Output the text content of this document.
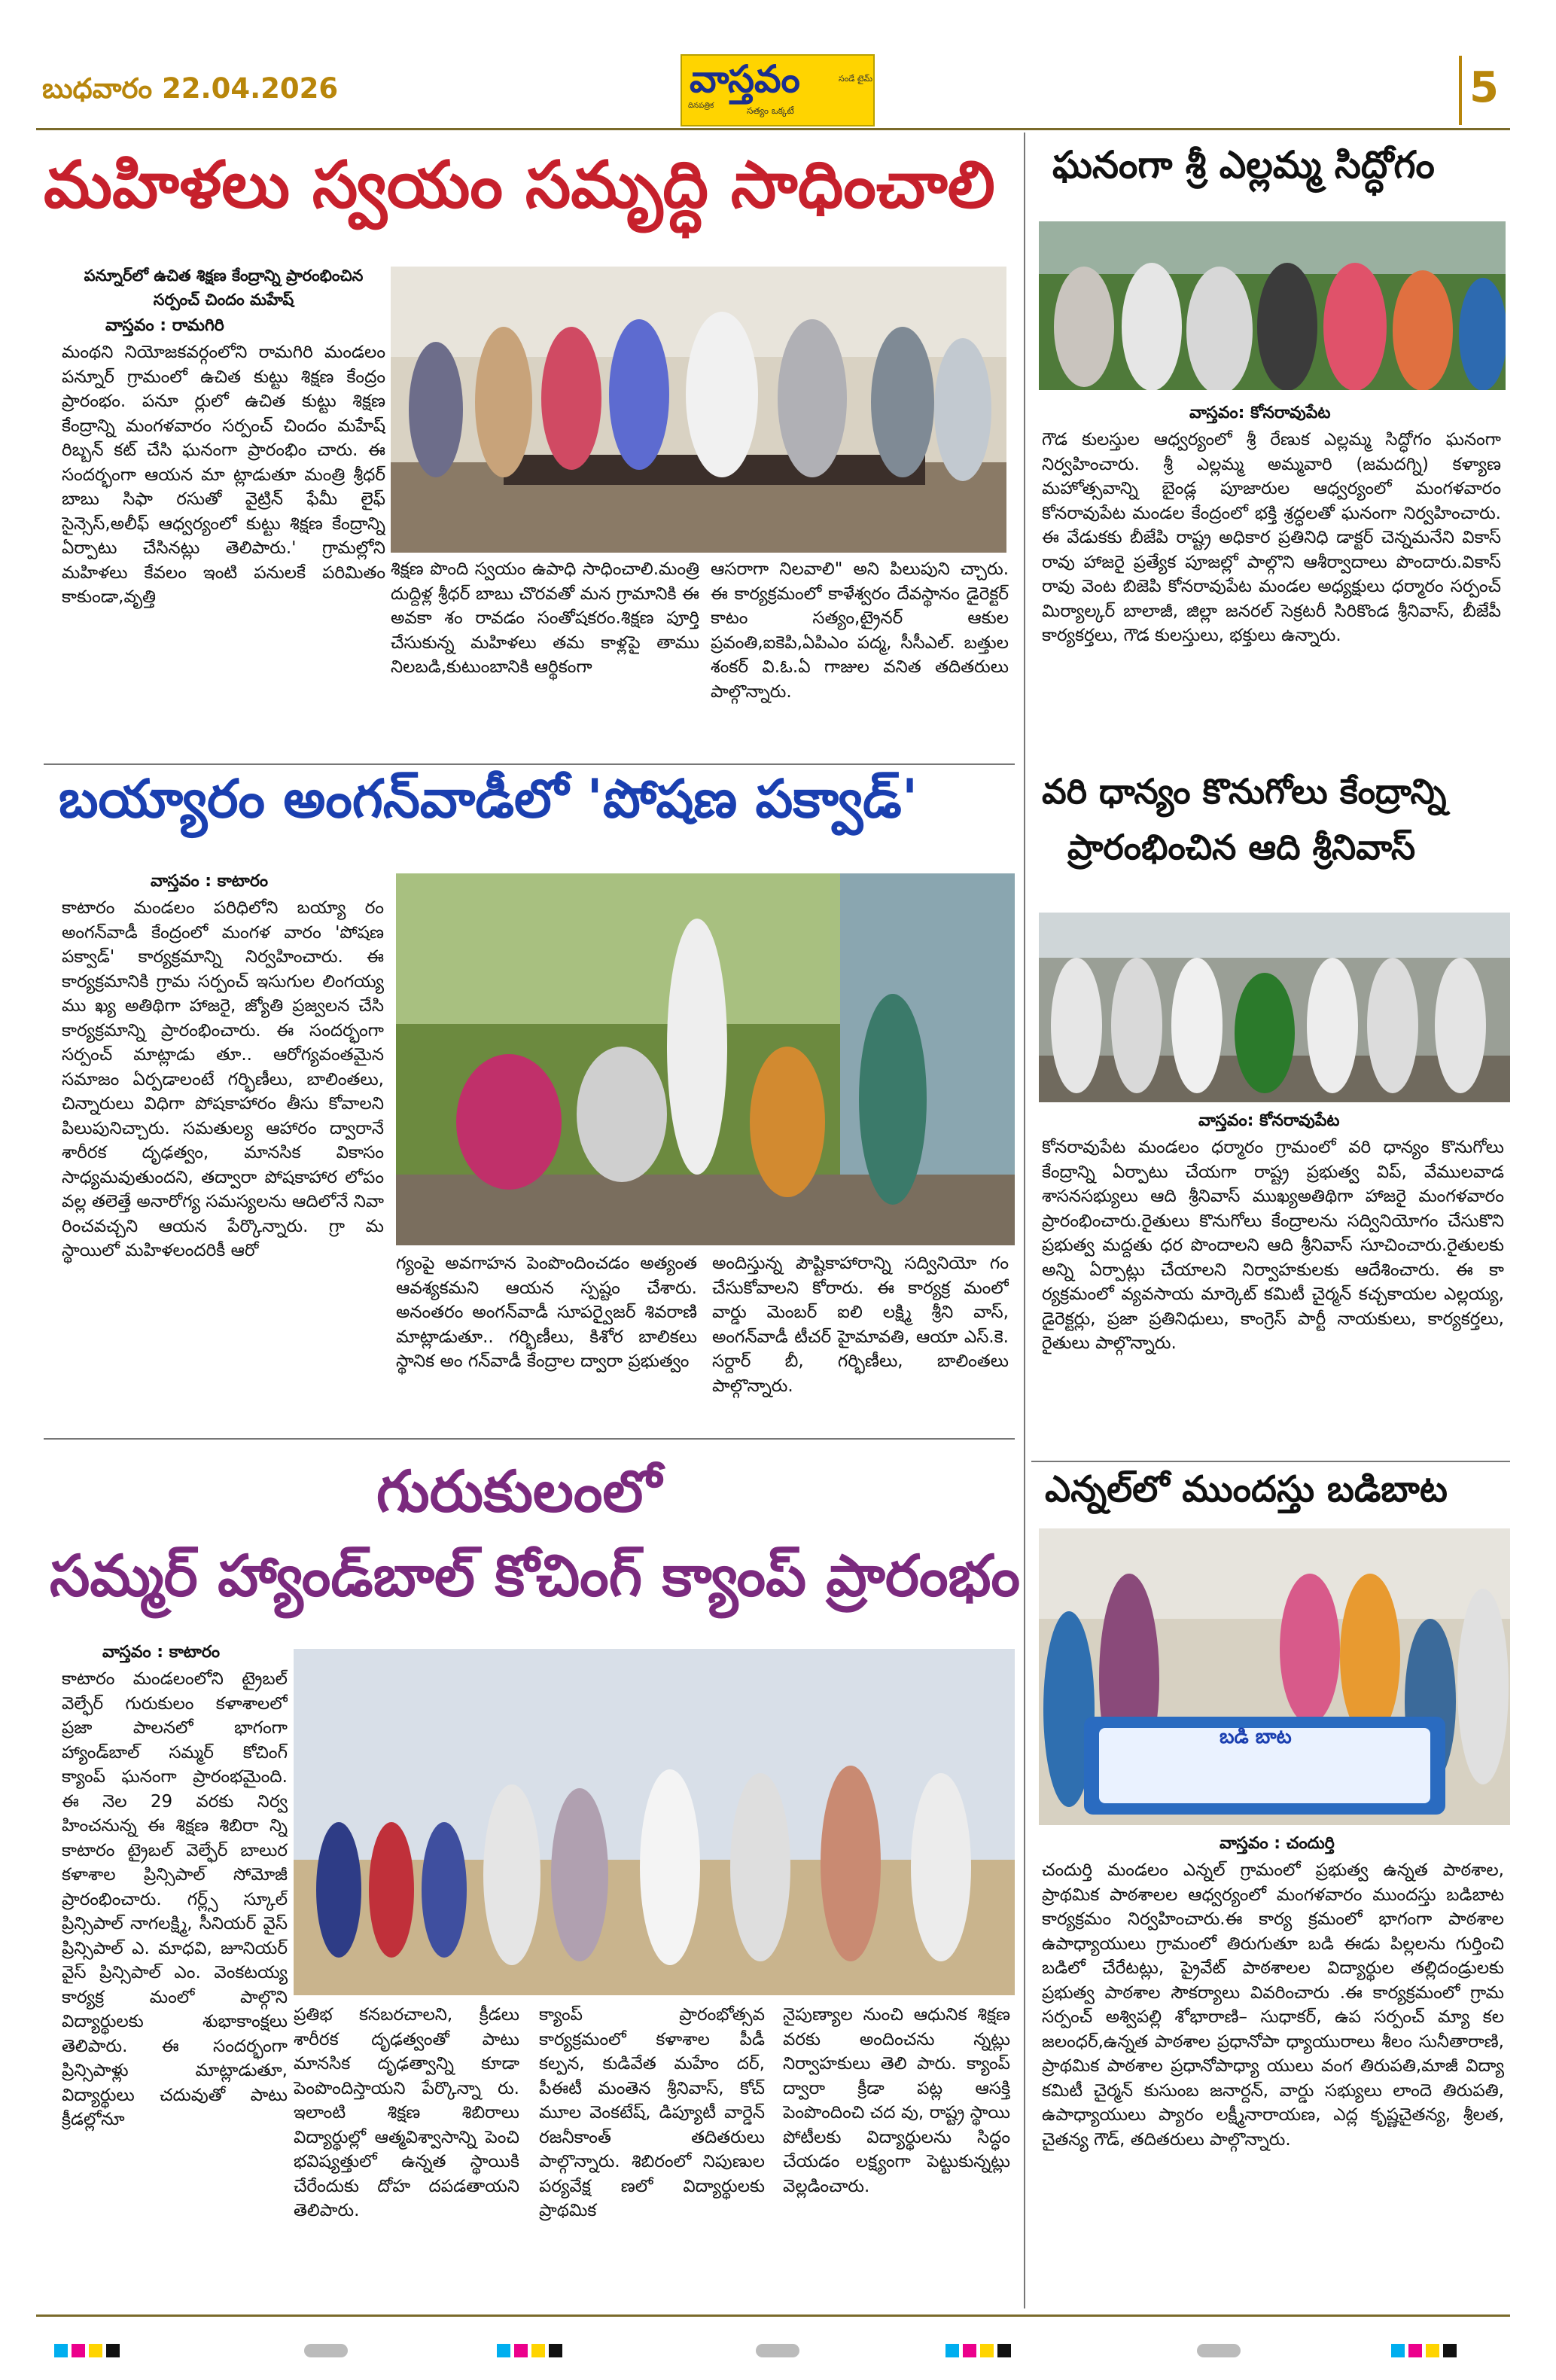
బుధవారం 22.04.2026	వాస్తవం	సండే టైమ్
దినపత్రిక	సత్యం ఒక్కటే	5
మహిళలు స్వయం సమృద్ధి సాధించాలి
పన్నూర్‌లో ఉచిత శిక్షణ కేంద్రాన్ని ప్రారంభించిన సర్పంచ్ చిందం మహేష్
వాస్తవం : రామగిరి
మంథని నియోజకవర్గంలోని రామగిరి మండలం పన్నూర్ గ్రామంలో ఉచిత కుట్టు శిక్షణ కేంద్రం ప్రారంభం. పనూ ర్లులో ఉచిత కుట్టు శిక్షణ కేంద్రాన్ని మంగళవారం సర్పంచ్ చిందం మహేష్ రిబ్బన్ కట్ చేసి ఘనంగా ప్రారంభిం చారు. ఈ సందర్భంగా ఆయన మా ట్లాడుతూ మంత్రి శ్రీధర్ బాబు సిఫా రసుతో వైట్రిన్ ఫేమీ లైఫ్ సైన్సెస్,అలీఫ్ ఆధ్వర్యంలో కుట్టు శిక్షణ కేంద్రాన్ని ఏర్పాటు చేసినట్లు తెలిపారు.' గ్రామల్లోని మహిళలు కేవలం ఇంటి పనులకే పరిమితం కాకుండా,వృత్తి
శిక్షణ పొంది స్వయం ఉపాధి సాధించాలి.మంత్రి దుద్దిళ్ల శ్రీధర్ బాబు చొరవతో మన గ్రామానికి ఈ అవకా శం రావడం సంతోషకరం.శిక్షణ పూర్తి చేసుకున్న మహిళలు తమ కాళ్లపై తాము నిలబడి,కుటుంబానికి ఆర్థికంగా
ఆసరాగా నిలవాలి" అని పిలుపుని చ్చారు. ఈ కార్యక్రమంలో కాళేశ్వరం దేవస్థానం డైరెక్టర్ కాటం సత్యం,ట్రైనర్ ఆకుల ప్రవంతి,ఐకెపి,ఏపిఎం పద్మ, సీసీఎల్. బత్తుల శంకర్ వి.ఓ.ఏ గాజుల వనిత తదితరులు పాల్గొన్నారు.
ఘనంగా శ్రీ ఎల్లమ్మ సిద్ధోగం
వాస్తవం: కోనరావుపేట
గౌడ కులస్తుల ఆధ్వర్యంలో శ్రీ రేణుక ఎల్లమ్మ సిద్ధోగం ఘనంగా నిర్వహించారు. శ్రీ ఎల్లమ్మ అమ్మవారి (జమదగ్ని) కళ్యాణ మహోత్సవాన్ని బైండ్ల పూజారుల ఆధ్వర్యంలో మంగళవారం కోనరావుపేట మండల కేంద్రంలో భక్తి శ్రద్ధలతో ఘనంగా నిర్వహించారు. ఈ వేడుకకు బీజేపి రాష్ట్ర అధికార ప్రతినిధి డాక్టర్ చెన్నమనేని వికాస్ రావు హాజరై ప్రత్యేక పూజల్లో పాల్గొని ఆశీర్వాదాలు పొందారు.వికాస్ రావు వెంట బిజెపి కోనరావుపేట మండల అధ్యక్షులు ధర్మారం సర్పంచ్ మిర్యాల్కర్ బాలాజీ, జిల్లా జనరల్ సెక్రటరీ సిరికొండ శ్రీనివాస్, బీజేపీ కార్యకర్తలు, గౌడ కులస్తులు, భక్తులు ఉన్నారు.
బయ్యారం అంగన్‌వాడీలో 'పోషణ పక్వాడ్'
వాస్తవం : కాటారం
కాటారం మండలం పరిధిలోని బయ్యా రం అంగన్‌వాడీ కేంద్రంలో మంగళ వారం 'పోషణ పక్వాడ్' కార్యక్రమాన్ని నిర్వహించారు. ఈ కార్యక్రమానికి గ్రామ సర్పంచ్ ఇసుగుల లింగయ్య ము ఖ్య అతిథిగా హాజరై, జ్యోతి ప్రజ్వలన చేసి కార్యక్రమాన్ని ప్రారంభించారు. ఈ సందర్భంగా సర్పంచ్ మాట్లాడు తూ.. ఆరోగ్యవంతమైన సమాజం ఏర్పడాలంటే గర్భిణీలు, బాలింతలు, చిన్నారులు విధిగా పోషకాహారం తీసు కోవాలని పిలుపునిచ్చారు. సమతుల్య ఆహారం ద్వారానే శారీరక దృఢత్వం, మానసిక వికాసం సాధ్యమవుతుందని, తద్వారా పోషకాహార లోపం వల్ల తలెత్తే అనారోగ్య సమస్యలను ఆదిలోనే నివా రించవచ్చని ఆయన పేర్కొన్నారు. గ్రా మ స్థాయిలో మహిళలందరికీ ఆరో
గ్యంపై అవగాహన పెంపొందించడం అత్యంత ఆవశ్యకమని ఆయన స్పష్టం చేశారు. అనంతరం అంగన్‌వాడీ సూపర్వైజర్ శివరాణి మాట్లాడుతూ.. గర్భిణీలు, కిశోర బాలికలు స్థానిక అం గన్‌వాడీ కేంద్రాల ద్వారా ప్రభుత్వం
అందిస్తున్న పౌష్టికాహారాన్ని సద్వినియో గం చేసుకోవాలని కోరారు. ఈ కార్యక్ర మంలో వార్డు మెంబర్ ఐలి లక్ష్మి శ్రీని వాస్, అంగన్‌వాడీ టీచర్ హైమావతి, ఆయా ఎస్.కె. సర్దార్ బీ, గర్భిణీలు, బాలింతలు పాల్గొన్నారు.
వరి ధాన్యం కొనుగోలు కేంద్రాన్ని
ప్రారంభించిన ఆది శ్రీనివాస్
వాస్తవం: కోనరావుపేట
కోనరావుపేట మండలం ధర్మారం గ్రామంలో వరి ధాన్యం కొనుగోలు కేంద్రాన్ని ఏర్పాటు చేయగా రాష్ట్ర ప్రభుత్వ విప్, వేములవాడ శాసనసభ్యులు ఆది శ్రీనివాస్ ముఖ్యఅతిథిగా హాజరై మంగళవారం ప్రారంభించారు.రైతులు కొనుగోలు కేంద్రాలను సద్వినియోగం చేసుకొని ప్రభుత్వ మద్దతు ధర పొందాలని ఆది శ్రీనివాస్ సూచించారు.రైతులకు అన్ని ఏర్పాట్లు చేయాలని నిర్వాహకులకు ఆదేశించారు. ఈ కా ర్యక్రమంలో వ్యవసాయ మార్కెట్ కమిటీ చైర్మన్ కచ్చకాయల ఎల్లయ్య, డైరెక్టర్లు, ప్రజా ప్రతినిధులు, కాంగ్రెస్ పార్టీ నాయకులు, కార్యకర్తలు, రైతులు పాల్గొన్నారు.
గురుకులంలో
సమ్మర్ హ్యాండ్‌బాల్ కోచింగ్ క్యాంప్ ప్రారంభం
వాస్తవం : కాటారం
కాటారం మండలంలోని ట్రైబల్ వెల్ఫేర్ గురుకులం కళాశాలలో ప్రజా పాలనలో భాగంగా హ్యాండ్‌బాల్ సమ్మర్ కోచింగ్ క్యాంప్ ఘనంగా ప్రారంభమైంది. ఈ నెల 29 వరకు నిర్వ హించనున్న ఈ శిక్షణ శిబిరా న్ని కాటారం ట్రైబల్ వెల్ఫేర్ బాలుర కళాశాల ప్రిన్సిపాల్ సోమోజీ ప్రారంభించారు. గర్ల్స్ స్కూల్ ప్రిన్సిపాల్ నాగలక్ష్మి, సీనియర్ వైస్ ప్రిన్సిపాల్ ఎ. మాధవి, జూనియర్ వైస్ ప్రిన్సిపాల్ ఎం. వెంకటయ్య కార్యక్ర మంలో పాల్గొని విద్యార్థులకు శుభాకాంక్షలు తెలిపారు. ఈ సందర్భంగా ప్రిన్సిపాళ్లు మాట్లాడుతూ, విద్యార్థులు చదువుతో పాటు క్రీడల్లోనూ
ప్రతిభ కనబరచాలని, క్రీడలు శారీరక దృఢత్వంతో పాటు మానసిక దృఢత్వాన్ని కూడా పెంపొందిస్తాయని పేర్కొన్నా రు. ఇలాంటి శిక్షణ శిబిరాలు విద్యార్థుల్లో ఆత్మవిశ్వాసాన్ని పెంచి భవిష్యత్తులో ఉన్నత స్థాయికి చేరేందుకు దోహ దపడతాయని తెలిపారు.
క్యాంప్ ప్రారంభోత్సవ కార్యక్రమంలో కళాశాల పీడీ కల్పన, కుడివేత మహేం దర్, పీఈటీ మంతెన శ్రీనివాస్, కోచ్ మూల వెంకటేష్, డిప్యూటీ వార్డెన్ రజనీకాంత్ తదితరులు పాల్గొన్నారు. శిబిరంలో నిపుణుల పర్యవేక్ష ణలో విద్యార్థులకు ప్రాథమిక
నైపుణ్యాల నుంచి ఆధునిక శిక్షణ వరకు అందించను న్నట్లు నిర్వాహకులు తెలి పారు. క్యాంప్ ద్వారా క్రీడా పట్ల ఆసక్తి పెంపొందించి చద వు, రాష్ట్ర స్థాయి పోటీలకు విద్యార్థులను సిద్ధం చేయడం లక్ష్యంగా పెట్టుకున్నట్లు వెల్లడించారు.
ఎన్నల్‌లో ముందస్తు బడిబాట
బడి బాట
వాస్తవం : చందుర్తి
చందుర్తి మండలం ఎన్నల్ గ్రామంలో ప్రభుత్వ ఉన్నత పాఠశాల, ప్రాథమిక పాఠశాలల ఆధ్వర్యంలో మంగళవారం ముందస్తు బడిబాట కార్యక్రమం నిర్వహించారు.ఈ కార్య క్రమంలో భాగంగా పాఠశాల ఉపాధ్యాయులు గ్రామంలో తిరుగుతూ బడి ఈడు పిల్లలను గుర్తించి బడిలో చేరేటట్లు, ప్రైవేట్ పాఠశాలల విద్యార్థుల తల్లిదండ్రులకు ప్రభుత్వ పాఠశాల సౌకర్యాలు వివరించారు .ఈ కార్యక్రమంలో గ్రామ సర్పంచ్ అశ్విపల్లి శోభారాణి– సుధాకర్, ఉప సర్పంచ్ మ్యా కల జలంధర్,ఉన్నత పాఠశాల ప్రధానోపా ధ్యాయురాలు శీలం సునీతారాణి, ప్రాథమిక పాఠశాల ప్రధానోపాధ్యా యులు వంగ తిరుపతి,మాజీ విద్యా కమిటీ చైర్మన్ కుసుంబ జనార్దన్, వార్డు సభ్యులు లాందె తిరుపతి, ఉపాధ్యాయులు ప్యారం లక్ష్మీనారాయణ, ఎద్ల కృష్ణచైతన్య, శ్రీలత, చైతన్య గౌడ్, తదితరులు పాల్గొన్నారు.
